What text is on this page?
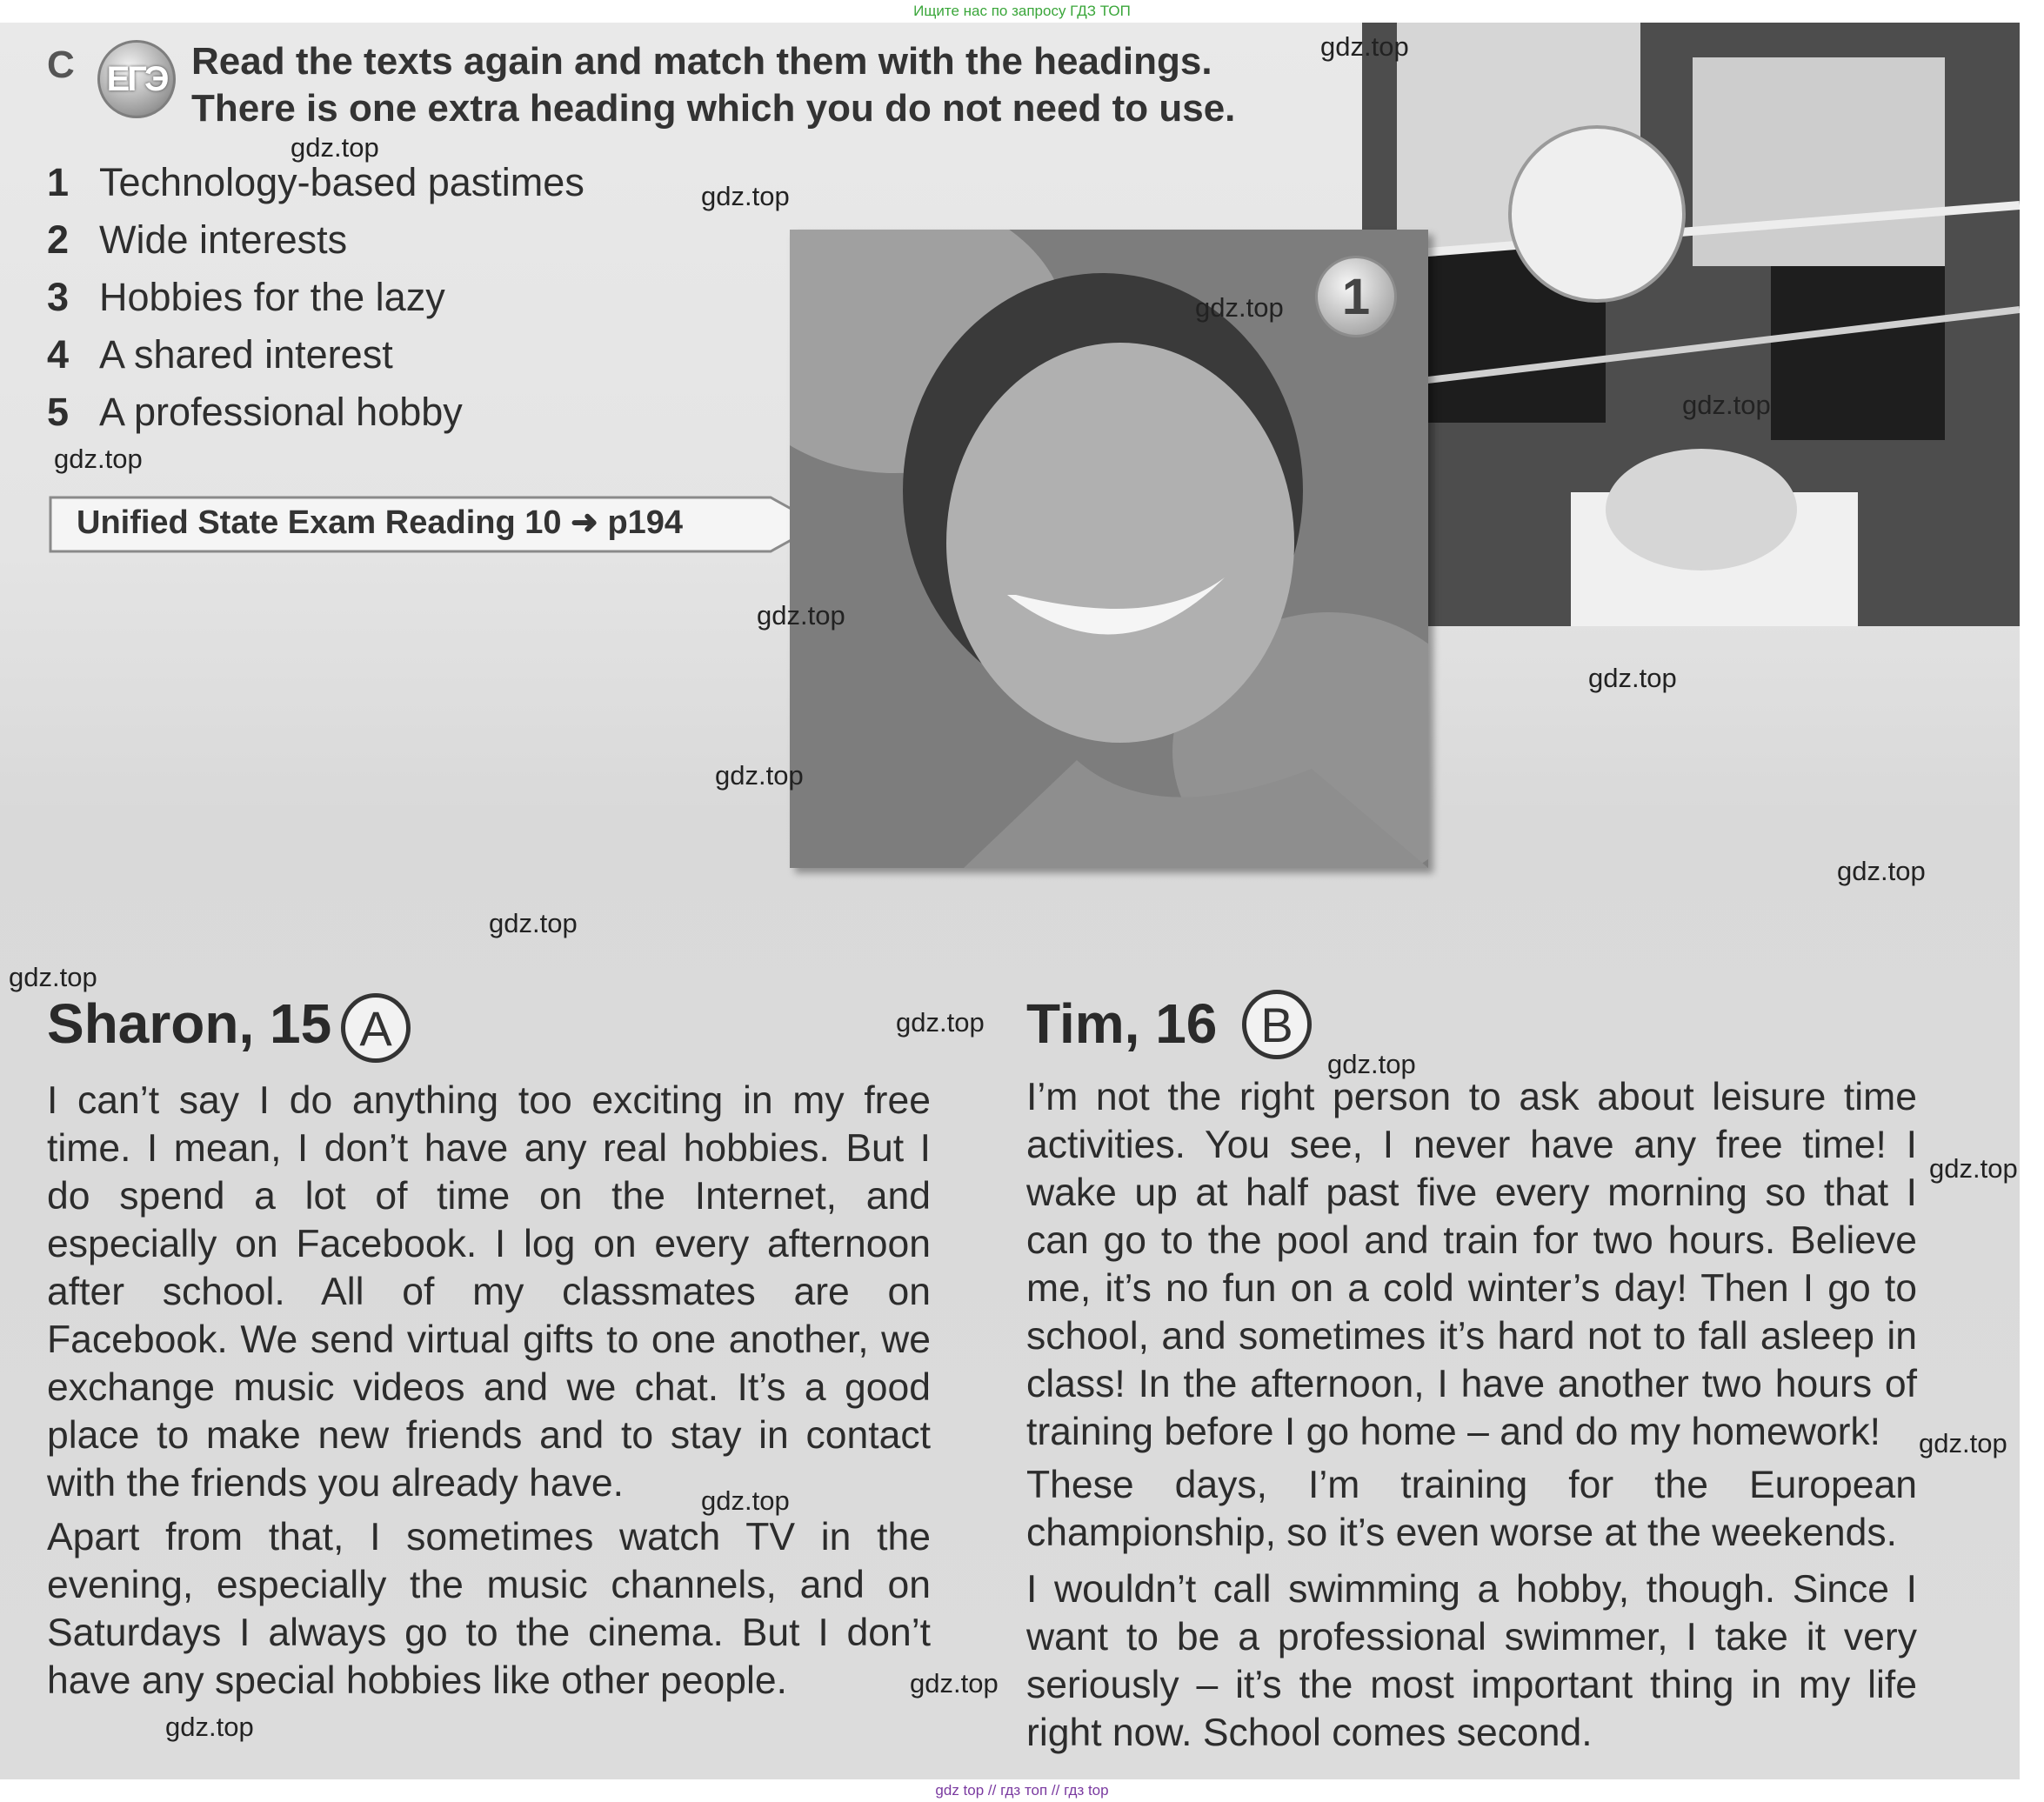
Ищите нас по запросу ГДЗ ТОП
C ЕГЭ Read the texts again and match them with the headings.
There is one extra heading which you do not need to use.
1 Technology-based pastimes
2 Wide interests
3 Hobbies for the lazy
4 A shared interest
5 A professional hobby
Unified State Exam Reading 10 ➜ p194
1
Sharon, 15 A
I can’t say I do anything too exciting in my free time. I mean, I don’t have any real hobbies. But I do spend a lot of time on the Internet, and especially on Facebook. I log on every afternoon after school. All of my classmates are on Facebook. We send virtual gifts to one another, we exchange music videos and we chat. It’s a good place to make new friends and to stay in contact with the friends you already have.
Apart from that, I sometimes watch TV in the evening, especially the music channels, and on Saturdays I always go to the cinema. But I don’t have any special hobbies like other people.
Tim, 16 B
I’m not the right person to ask about leisure time activities. You see, I never have any free time! I wake up at half past five every morning so that I can go to the pool and train for two hours. Believe me, it’s no fun on a cold winter’s day! Then I go to school, and sometimes it’s hard not to fall asleep in class! In the afternoon, I have another two hours of training before I go home – and do my homework!
These days, I’m training for the European championship, so it’s even worse at the weekends.
I wouldn’t call swimming a hobby, though. Since I want to be a professional swimmer, I take it very seriously – it’s the most important thing in my life right now. School comes second.
gdz.top
gdz.top
gdz.top
gdz.top
gdz.top
gdz.top
gdz.top
gdz.top
gdz.top
gdz.top
gdz.top
gdz.top
gdz.top
gdz.top
gdz.top
gdz.top
gdz.top
gdz.top
gdz.top
gdz top // гдз топ // гдз top
